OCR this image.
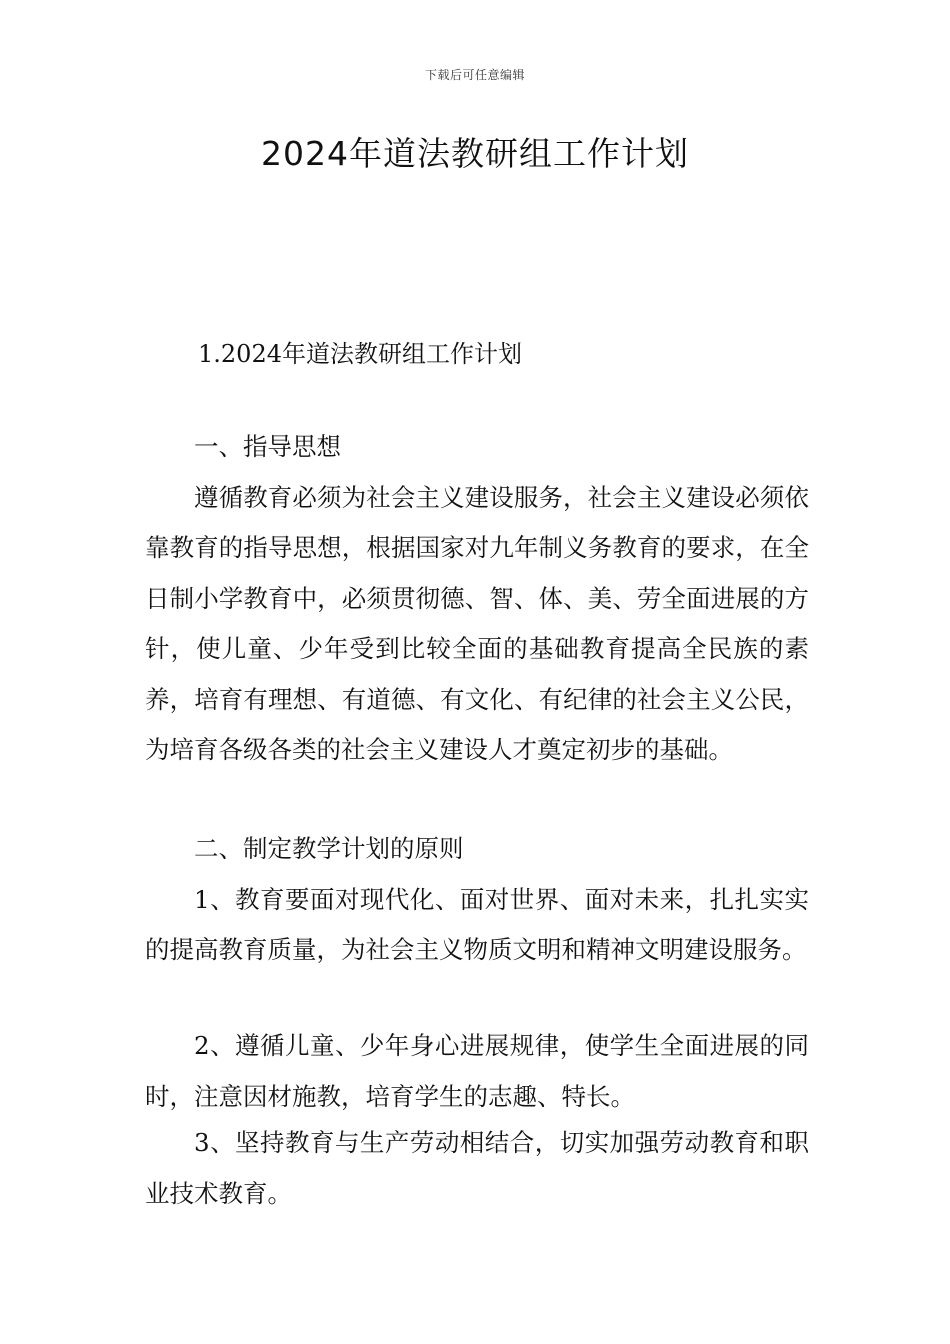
下载后可任意编辑
2024年道法教研组工作计划
1.2024年道法教研组工作计划

一、指导思想

遵循教育必须为社会主义建设服务，社会主义建设必须依靠教育的指导思想，根据国家对九年制义务教育的要求，在全日制小学教育中，必须贯彻德、智、体、美、劳全面进展的方针，使儿童、少年受到比较全面的基础教育提高全民族的素养，培育有理想、有道德、有文化、有纪律的社会主义公民，为培育各级各类的社会主义建设人才奠定初步的基础。

二、制定教学计划的原则

1、教育要面对现代化、面对世界、面对未来，扎扎实实的提高教育质量，为社会主义物质文明和精神文明建设服务。

2、遵循儿童、少年身心进展规律，使学生全面进展的同时，注意因材施教，培育学生的志趣、特长。

3、坚持教育与生产劳动相结合，切实加强劳动教育和职业技术教育。
